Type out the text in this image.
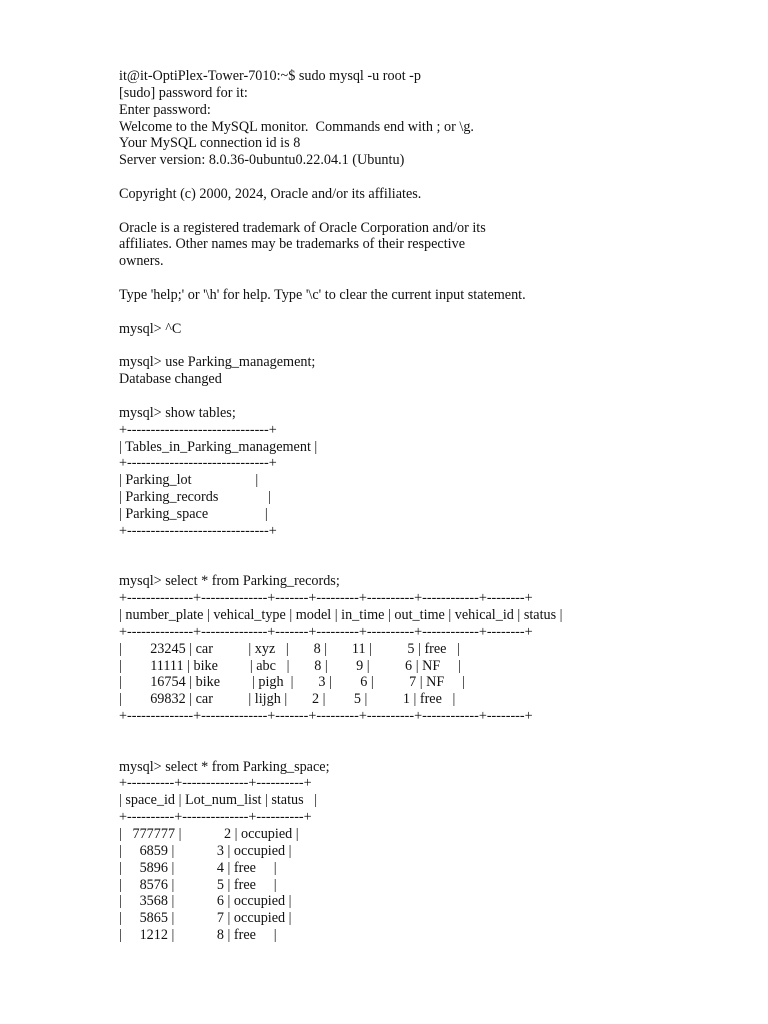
it@it-OptiPlex-Tower-7010:~$ sudo mysql -u root -p
[sudo] password for it:
Enter password:
Welcome to the MySQL monitor.  Commands end with ; or \g.
Your MySQL connection id is 8
Server version: 8.0.36-0ubuntu0.22.04.1 (Ubuntu)

Copyright (c) 2000, 2024, Oracle and/or its affiliates.

Oracle is a registered trademark of Oracle Corporation and/or its
affiliates. Other names may be trademarks of their respective
owners.

Type 'help;' or '\h' for help. Type '\c' to clear the current input statement.

mysql> ^C

mysql> use Parking_management;
Database changed

mysql> show tables;
+------------------------------+
| Tables_in_Parking_management |
+------------------------------+
| Parking_lot                  |
| Parking_records              |
| Parking_space                |
+------------------------------+

mysql> select * from Parking_records;
+--------------+--------------+-------+---------+----------+------------+--------+
| number_plate | vehical_type | model | in_time | out_time | vehical_id | status |
+--------------+--------------+-------+---------+----------+------------+--------+
|        23245 | car          | xyz   |       8 |       11 |          5 | free   |
|        11111 | bike         | abc   |       8 |        9 |          6 | NF     |
|        16754 | bike         | pigh  |       3 |        6 |          7 | NF     |
|        69832 | car          | lijgh |       2 |        5 |          1 | free   |
+--------------+--------------+-------+---------+----------+------------+--------+

mysql> select * from Parking_space;
+----------+--------------+----------+
| space_id | Lot_num_list | status   |
+----------+--------------+----------+
|   777777 |            2 | occupied |
|     6859 |            3 | occupied |
|     5896 |            4 | free     |
|     8576 |            5 | free     |
|     3568 |            6 | occupied |
|     5865 |            7 | occupied |
|     1212 |            8 | free     |
